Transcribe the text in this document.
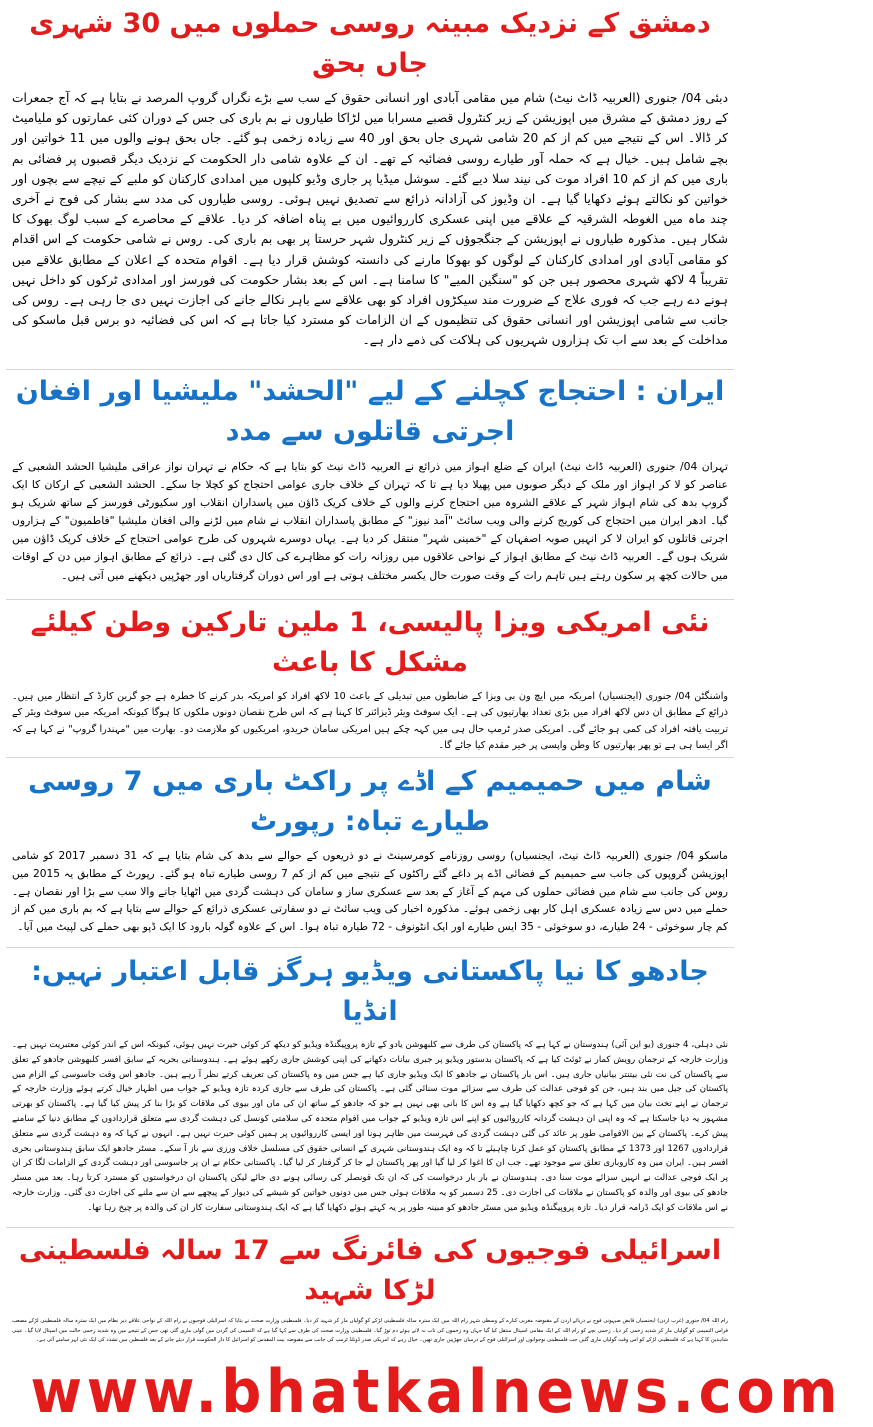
دمشق کے نزدیک مبینہ روسی حملوں میں 30 شہری جاں بحق

دبئی 04/ جنوری (العربیہ ڈاٹ نیٹ) شام میں مقامی آبادی اور انسانی حقوق کے سب سے بڑے نگراں گروپ المرصد نے بتایا ہے کہ آج جمعرات کے روز دمشق کے مشرق میں اپوزیشن کے زیر کنٹرول قصبے مسرابا میں لڑاکا طیاروں نے بم باری کی جس کے دوران کئی عمارتوں کو ملیامیٹ کر ڈالا۔ اس کے نتیجے میں کم از کم 20 شامی شہری جاں بحق اور 40 سے زیادہ زخمی ہو گئے۔ جاں بحق ہونے والوں میں 11 خواتین اور بچے شامل ہیں۔ خیال ہے کہ حملہ آور طیارے روسی فضائیہ کے تھے۔ ان کے علاوہ شامی دار الحکومت کے نزدیک دیگر قصبوں پر فضائی بم باری میں کم از کم 10 افراد موت کی نیند سلا دیے گئے۔ سوشل میڈیا پر جاری وڈیو کلپوں میں امدادی کارکنان کو ملبے کے نیچے سے بچوں اور خواتین کو نکالتے ہوئے دکھایا گیا ہے۔ ان وڈیوز کی آزادانہ ذرائع سے تصدیق نہیں ہوئی۔ روسی طیاروں کی مدد سے بشار کی فوج نے آخری چند ماہ میں الغوطہ الشرقیہ کے علاقے میں اپنی عسکری کارروائیوں میں بے پناہ اضافہ کر دیا۔ علاقے کے محاصرے کے سبب لوگ بھوک کا شکار ہیں۔ مذکورہ طیاروں نے اپوزیشن کے جنگجوؤں کے زیر کنٹرول شہر حرستا پر بھی بم باری کی۔ روس نے شامی حکومت کے اس اقدام کو مقامی آبادی اور امدادی کارکنان کے لوگوں کو بھوکا مارنے کی دانستہ کوشش قرار دیا ہے۔ اقوام متحدہ کے اعلان کے مطابق علاقے میں تقریباً 4 لاکھ شہری محصور ہیں جن کو "سنگین المیے" کا سامنا ہے۔ اس کے بعد بشار حکومت کی فورسز اور امدادی ٹرکوں کو داخل نہیں ہونے دے رہے جب کہ فوری علاج کے ضرورت مند سیکڑوں افراد کو بھی علاقے سے باہر نکالے جانے کی اجازت نہیں دی جا رہی ہے۔ روس کی جانب سے شامی اپوزیشن اور انسانی حقوق کی تنظیموں کے ان الزامات کو مسترد کیا جاتا ہے کہ اس کی فضائیہ دو برس قبل ماسکو کی مداخلت کے بعد سے اب تک ہزاروں شہریوں کی ہلاکت کی ذمے دار ہے۔

ایران : احتجاج کچلنے کے لیے "الحشد" ملیشیا اور افغان اجرتی قاتلوں سے مدد

تہران 04/ جنوری (العربیہ ڈاٹ نیٹ) ایران کے ضلع اہواز میں ذرائع نے العربیہ ڈاٹ نیٹ کو بتایا ہے کہ حکام نے تہران نواز عراقی ملیشیا الحشد الشعبی کے عناصر کو لا کر اہواز اور ملک کے دیگر صوبوں میں پھیلا دیا ہے تا کہ تہران کے خلاف جاری عوامی احتجاج کو کچلا جا سکے۔ الحشد الشعبی کے ارکان کا ایک گروپ بدھ کی شام اہواز شہر کے علاقے الشروہ میں احتجاج کرنے والوں کے خلاف کریک ڈاؤن میں پاسداران انقلاب اور سکیورٹی فورسز کے ساتھ شریک ہو گیا۔ ادھر ایران میں احتجاج کی کوریج کرنے والی ویب سائٹ "آمد نیوز" کے مطابق پاسداران انقلاب نے شام میں لڑنے والی افغان ملیشیا "فاطمیون" کے ہزاروں اجرتی قاتلوں کو ایران لا کر انہیں صوبہ اصفہان کے "خمینی شہر" منتقل کر دیا ہے۔ یہاں دوسرے شہروں کی طرح عوامی احتجاج کے خلاف کریک ڈاؤن میں شریک ہوں گے۔ العربیہ ڈاٹ نیٹ کے مطابق اہواز کے نواحی علاقوں میں روزانہ رات کو مظاہرے کی کال دی گئی ہے۔ ذرائع کے مطابق اہواز میں دن کے اوقات میں حالات کچھ پر سکون رہتے ہیں تاہم رات کے وقت صورت حال یکسر مختلف ہوتی ہے اور اس دوران گرفتاریاں اور جھڑپیں دیکھنے میں آتی ہیں۔

نئی امریکی ویزا پالیسی، 1 ملین تارکین وطن کیلئے مشکل کا باعث

واشنگٹن 04/ جنوری (ایجنسیاں) امریکہ میں ایچ ون بی ویزا کے ضابطوں میں تبدیلی کے باعث 10 لاکھ افراد کو امریکہ بدر کرنے کا خطرہ ہے جو گرین کارڈ کے انتظار میں ہیں۔ ذرائع کے مطابق ان دس لاکھ افراد میں بڑی تعداد بھارتیوں کی ہے۔ ایک سوفٹ ویئر ڈیزائنر کا کہنا ہے کہ اس طرح نقصان دونوں ملکوں کا ہوگا کیونکہ امریکہ میں سوفٹ ویئر کے تربیت یافتہ افراد کی کمی ہو جائے گی۔ امریکی صدر ٹرمپ حال ہی میں کہہ چکے ہیں امریکی سامان خریدو، امریکیوں کو ملازمت دو۔ بھارت میں "مہندرا گروپ" نے کہا ہے کہ اگر ایسا ہی ہے تو پھر بھارتیوں کا وطن واپسی پر خیر مقدم کیا جائے گا۔

شام میں حمیمیم کے اڈے پر راکٹ باری میں 7 روسی طیارے تباہ: رپورٹ

ماسکو 04/ جنوری (العربیہ ڈاٹ نیٹ، ایجنسیاں) روسی روزنامے کومرسینٹ نے دو ذریعوں کے حوالے سے بدھ کی شام بتایا ہے کہ 31 دسمبر 2017 کو شامی اپوزیشن گروپوں کی جانب سے حمیمیم کے فضائی اڈے پر داغے گئے راکٹوں کے نتیجے میں کم از کم 7 روسی طیارے تباہ ہو گئے۔ رپورٹ کے مطابق یہ 2015 میں روس کی جانب سے شام میں فضائی حملوں کی مہم کے آغاز کے بعد سے عسکری ساز و سامان کی دہشت گردی میں اٹھایا جانے والا سب سے بڑا اور نقصان ہے۔ حملے میں دس سے زیادہ عسکری اہل کار بھی زخمی ہوئے۔ مذکورہ اخبار کی ویب سائٹ نے دو سفارتی عسکری ذرائع کے حوالے سے بتایا ہے کہ بم باری میں کم از کم چار سوخوئی - 24 طیارے، دو سوخوئی - 35 ایس طیارے اور ایک انٹونوف - 72 طیارہ تباہ ہوا۔ اس کے علاوہ گولہ بارود کا ایک ڈپو بھی حملے کی لپیٹ میں آیا۔

جادھو کا نیا پاکستانی ویڈیو ہرگز قابل اعتبار نہیں: انڈیا

نئی دہلی، 4 جنوری (یو این آئی) ہندوستان نے کہا ہے کہ پاکستان کی طرف سے کلبھوشن یادو کے تازہ پروپیگنڈہ ویڈیو کو دیکھ کر کوئی حیرت نہیں ہوئی، کیونکہ اس کے اندر کوئی معتبریت نہیں ہے۔ وزارت خارجہ کے ترجمان رویش کمار نے ٹوئٹ کیا ہے کہ پاکستان بدستور ویڈیو پر جبری بیانات دکھانے کی اپنی کوشش جاری رکھے ہوئے ہے۔ ہندوستانی بحریہ کے سابق افسر کلبھوشن جادھو کے تعلق سے پاکستان کی نت نئی بیتنتر بیانیاں جاری ہیں۔ اس بار پاکستان نے جادھو کا ایک ویڈیو جاری کیا ہے جس میں وہ پاکستان کی تعریف کرتے نظر آ رہے ہیں۔ جادھو اس وقت جاسوسی کے الزام میں پاکستان کی جیل میں بند ہیں، جن کو فوجی عدالت کی طرف سے سزائے موت سنائی گئی ہے۔ پاکستان کی طرف سے جاری کردہ تازہ ویڈیو کے جواب میں اظہار خیال کرتے ہوئے وزارت خارجہ کے ترجمان نے اپنے تخت بیان میں کہا ہے کہ جو کچھ دکھایا گیا ہے وہ اس کا بانی بھی نہیں ہے جو کہ جادھو کے ساتھ ان کی ماں اور بیوی کی ملاقات کو بڑا بنا کر پیش کیا گیا ہے۔ پاکستان کو بھرتی مشہور یہ دیا جاسکتا ہے کہ وہ اپنی ان دہشت گردانہ کارروائیوں کو اپنے اس تازہ ویڈیو کے جواب میں اقوام متحدہ کی سلامتی کونسل کی دہشت گردی سے متعلق قراردادوں کے مطابق دنیا کے سامنے پیش کرے۔ پاکستان کے بین الاقوامی طور پر عائد کی گئی دہشت گردی کی فہرست میں ظاہر ہونا اور ایسی کارروائیوں پر ہمیں کوئی حیرت نہیں ہے۔ انہوں نے کہا کہ وہ دہشت گردی سے متعلق قراردادوں 1267 اور 1373 کے مطابق پاکستان کو عمل کرنا چاہیئے تا کہ وہ ایک ہندوستانی شہری کے انسانی حقوق کی مسلسل خلاف ورزی سے باز آ سکے۔ مسٹر جادھو ایک سابق ہندوستانی بحری افسر ہیں۔ ایران میں وہ کاروباری تعلق سے موجود تھے۔ جب ان کا اغوا کر لیا گیا اور پھر پاکستان لے جا کر گرفتار کر لیا گیا۔ پاکستانی حکام نے ان پر جاسوسی اور دہشت گردی کے الزامات لگا کر ان پر ایک فوجی عدالت نے انہیں سزائے موت سنا دی۔ ہندوستان نے بار بار درخواست کی کہ ان تک قونصلر کی رسائی ہونے دی جائے لیکن پاکستان ان درخواستوں کو مسترد کرتا رہا۔ بعد میں مسٹر جادھو کی بیوی اور والدہ کو پاکستان نے ملاقات کی اجازت دی۔ 25 دسمبر کو یہ ملاقات ہوئی جس میں دونوں خواتین کو شیشے کی دیوار کے پیچھے سے ان سے ملنے کی اجازت دی گئی۔ وزارت خارجہ نے اس ملاقات کو ایک ڈرامہ قرار دیا۔ تازہ پروپیگنڈہ ویڈیو میں مسٹر جادھو کو مبینہ طور پر یہ کہتے ہوئے دکھایا گیا ہے کہ ایک ہندوستانی سفارت کار ان کی والدہ پر چیخ رہا تھا۔

اسرائیلی فوجیوں کی فائرنگ سے 17 سالہ فلسطینی لڑکا شہید

رام اللہ 04/ جنوری (غرب اردن) ایجنسیاں قابض صیہونی فوج نے دریائے اردن کے مقبوضہ مغربی کنارے کے وسطی شہر رام اللہ میں ایک سترہ سالہ فلسطینی لڑکے کو گولیاں مار کر شہید کر دیا۔ فلسطینی وزارت صحت نے بتایا کہ اسرائیلی فوجیوں نے رام اللہ کے نواحی علاقے دیر نظام میں ایک سترہ سالہ فلسطینی لڑکے مصعب فراس التمیمی کو گولیاں مار کر شدید زخمی کر دیا۔ زخمی بچے کو رام اللہ کے ایک مقامی اسپتال منتقل کیا گیا جہاں وہ زخموں کی تاب نہ لاتے ہوئے دم توڑ گیا۔ فلسطینی وزارت صحت کی طرف سے کہا گیا ہے کہ التمیمی کی گردن میں گولی ماری گئی تھی جس کے نتیجے میں وہ شدید زخمی حالت میں اسپتال لایا گیا۔ عینی شاہدین کا کہنا ہے کہ فلسطینی لڑکے کو اس وقت گولیاں ماری گئیں جب فلسطینی نوجوانوں اور اسرائیلی فوج کے درمیان جھڑپیں جاری تھیں۔ خیال رہے کہ امریکی صدر ڈونلڈ ٹرمپ کی جانب سے مقبوضہ بیت المقدس کو اسرائیل کا دار الحکومت قرار دیئے جانے کے بعد فلسطین میں تشدد کی ایک نئی لہر سامنے آئی ہے۔

www.bhatkalnews.com
